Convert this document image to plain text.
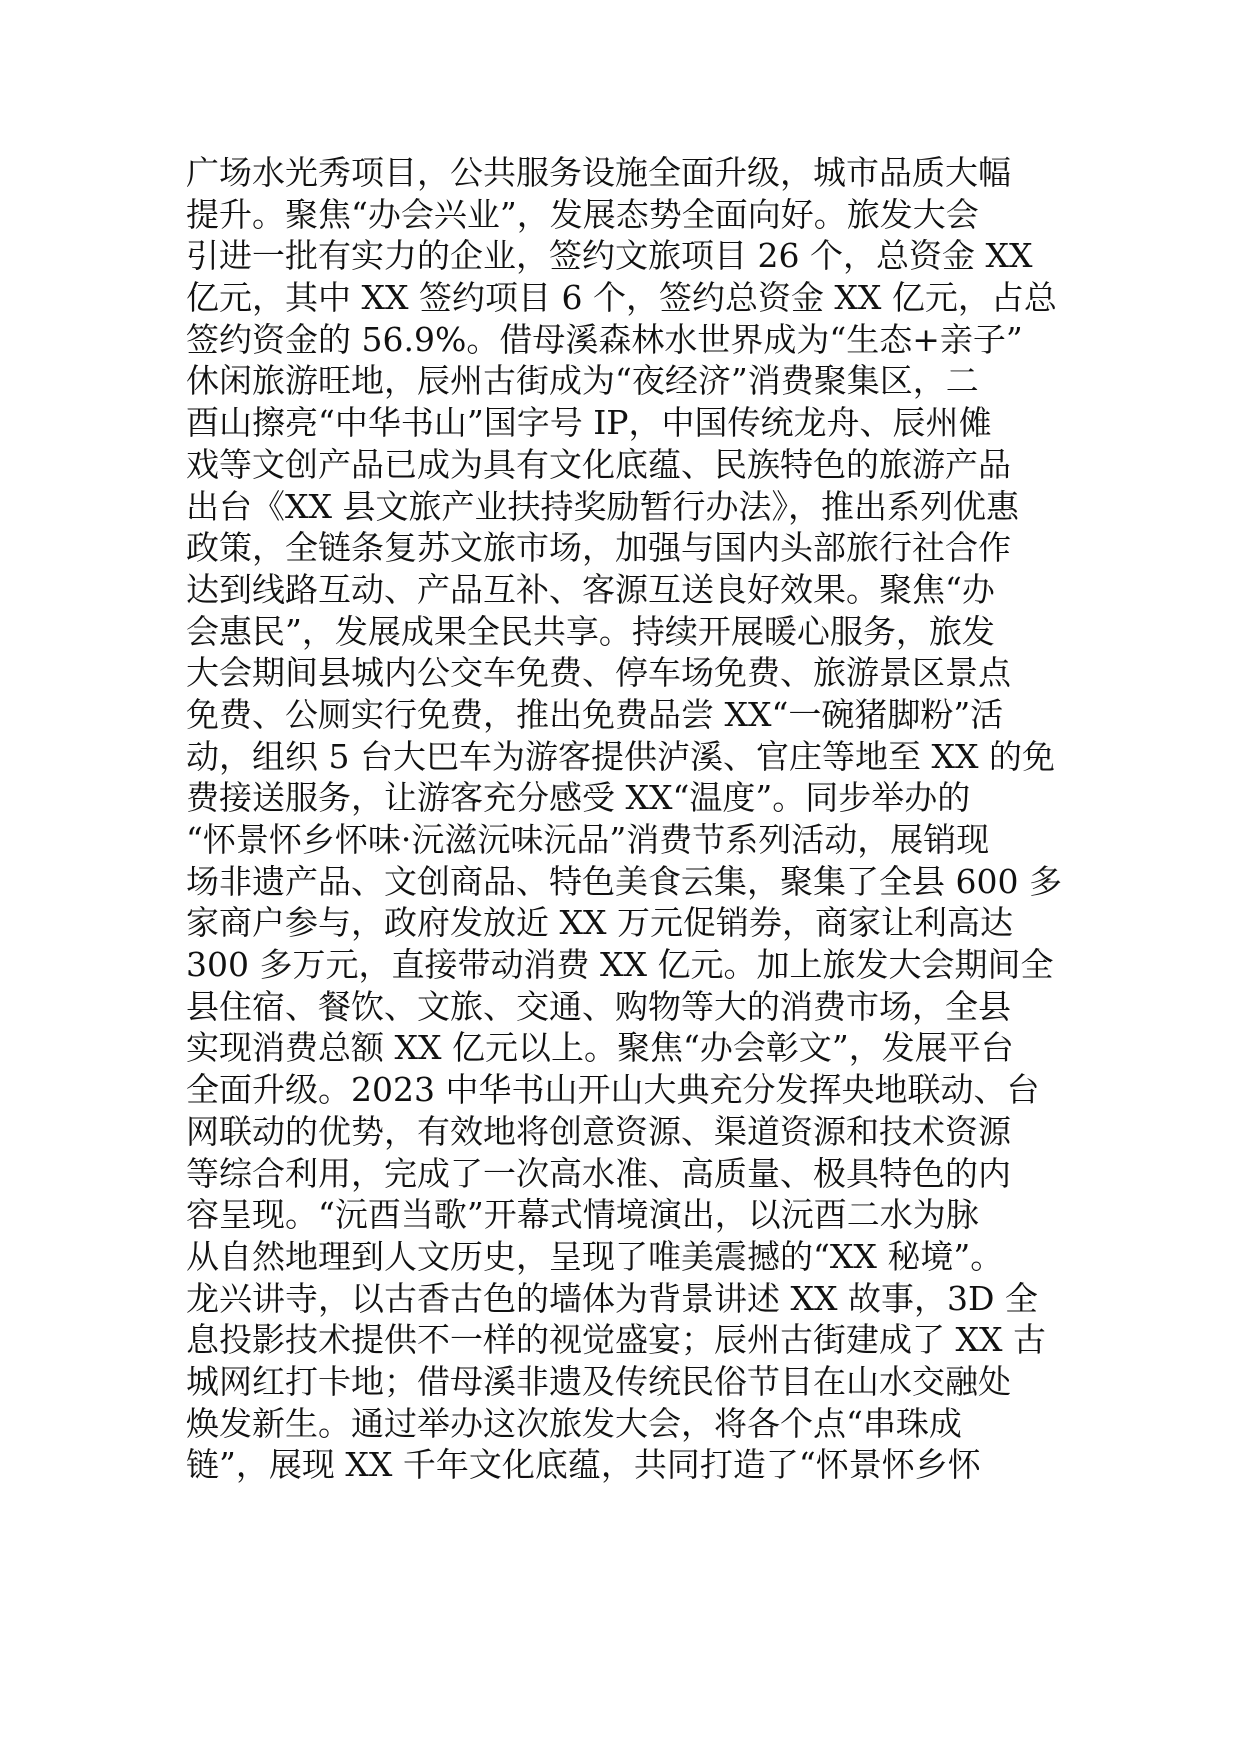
广场水光秀项目，公共服务设施全面升级，城市品质大幅
提升。聚焦“办会兴业”，发展态势全面向好。旅发大会
引进一批有实力的企业，签约文旅项目 26 个，总资金 XX
亿元，其中 XX 签约项目 6 个，签约总资金 XX 亿元，占总
签约资金的 56.9%。借母溪森林水世界成为“生态+亲子”
休闲旅游旺地，辰州古街成为“夜经济”消费聚集区，二
酉山擦亮“中华书山”国字号 IP，中国传统龙舟、辰州傩
戏等文创产品已成为具有文化底蕴、民族特色的旅游产品
出台《XX 县文旅产业扶持奖励暂行办法》，推出系列优惠
政策，全链条复苏文旅市场，加强与国内头部旅行社合作
达到线路互动、产品互补、客源互送良好效果。聚焦“办
会惠民”，发展成果全民共享。持续开展暖心服务，旅发
大会期间县城内公交车免费、停车场免费、旅游景区景点
免费、公厕实行免费，推出免费品尝 XX“一碗猪脚粉”活
动，组织 5 台大巴车为游客提供泸溪、官庄等地至 XX 的免
费接送服务，让游客充分感受 XX“温度”。同步举办的
“怀景怀乡怀味·沅滋沅味沅品”消费节系列活动，展销现
场非遗产品、文创商品、特色美食云集，聚集了全县 600 多
家商户参与，政府发放近 XX 万元促销券，商家让利高达
300 多万元，直接带动消费 XX 亿元。加上旅发大会期间全
县住宿、餐饮、文旅、交通、购物等大的消费市场，全县
实现消费总额 XX 亿元以上。聚焦“办会彰文”，发展平台
全面升级。2023 中华书山开山大典充分发挥央地联动、台
网联动的优势，有效地将创意资源、渠道资源和技术资源
等综合利用，完成了一次高水准、高质量、极具特色的内
容呈现。“沅酉当歌”开幕式情境演出，以沅酉二水为脉
从自然地理到人文历史，呈现了唯美震撼的“XX 秘境”。
龙兴讲寺，以古香古色的墙体为背景讲述 XX 故事，3D 全
息投影技术提供不一样的视觉盛宴；辰州古街建成了 XX 古
城网红打卡地；借母溪非遗及传统民俗节目在山水交融处
焕发新生。通过举办这次旅发大会，将各个点“串珠成
链”，展现 XX 千年文化底蕴，共同打造了“怀景怀乡怀
